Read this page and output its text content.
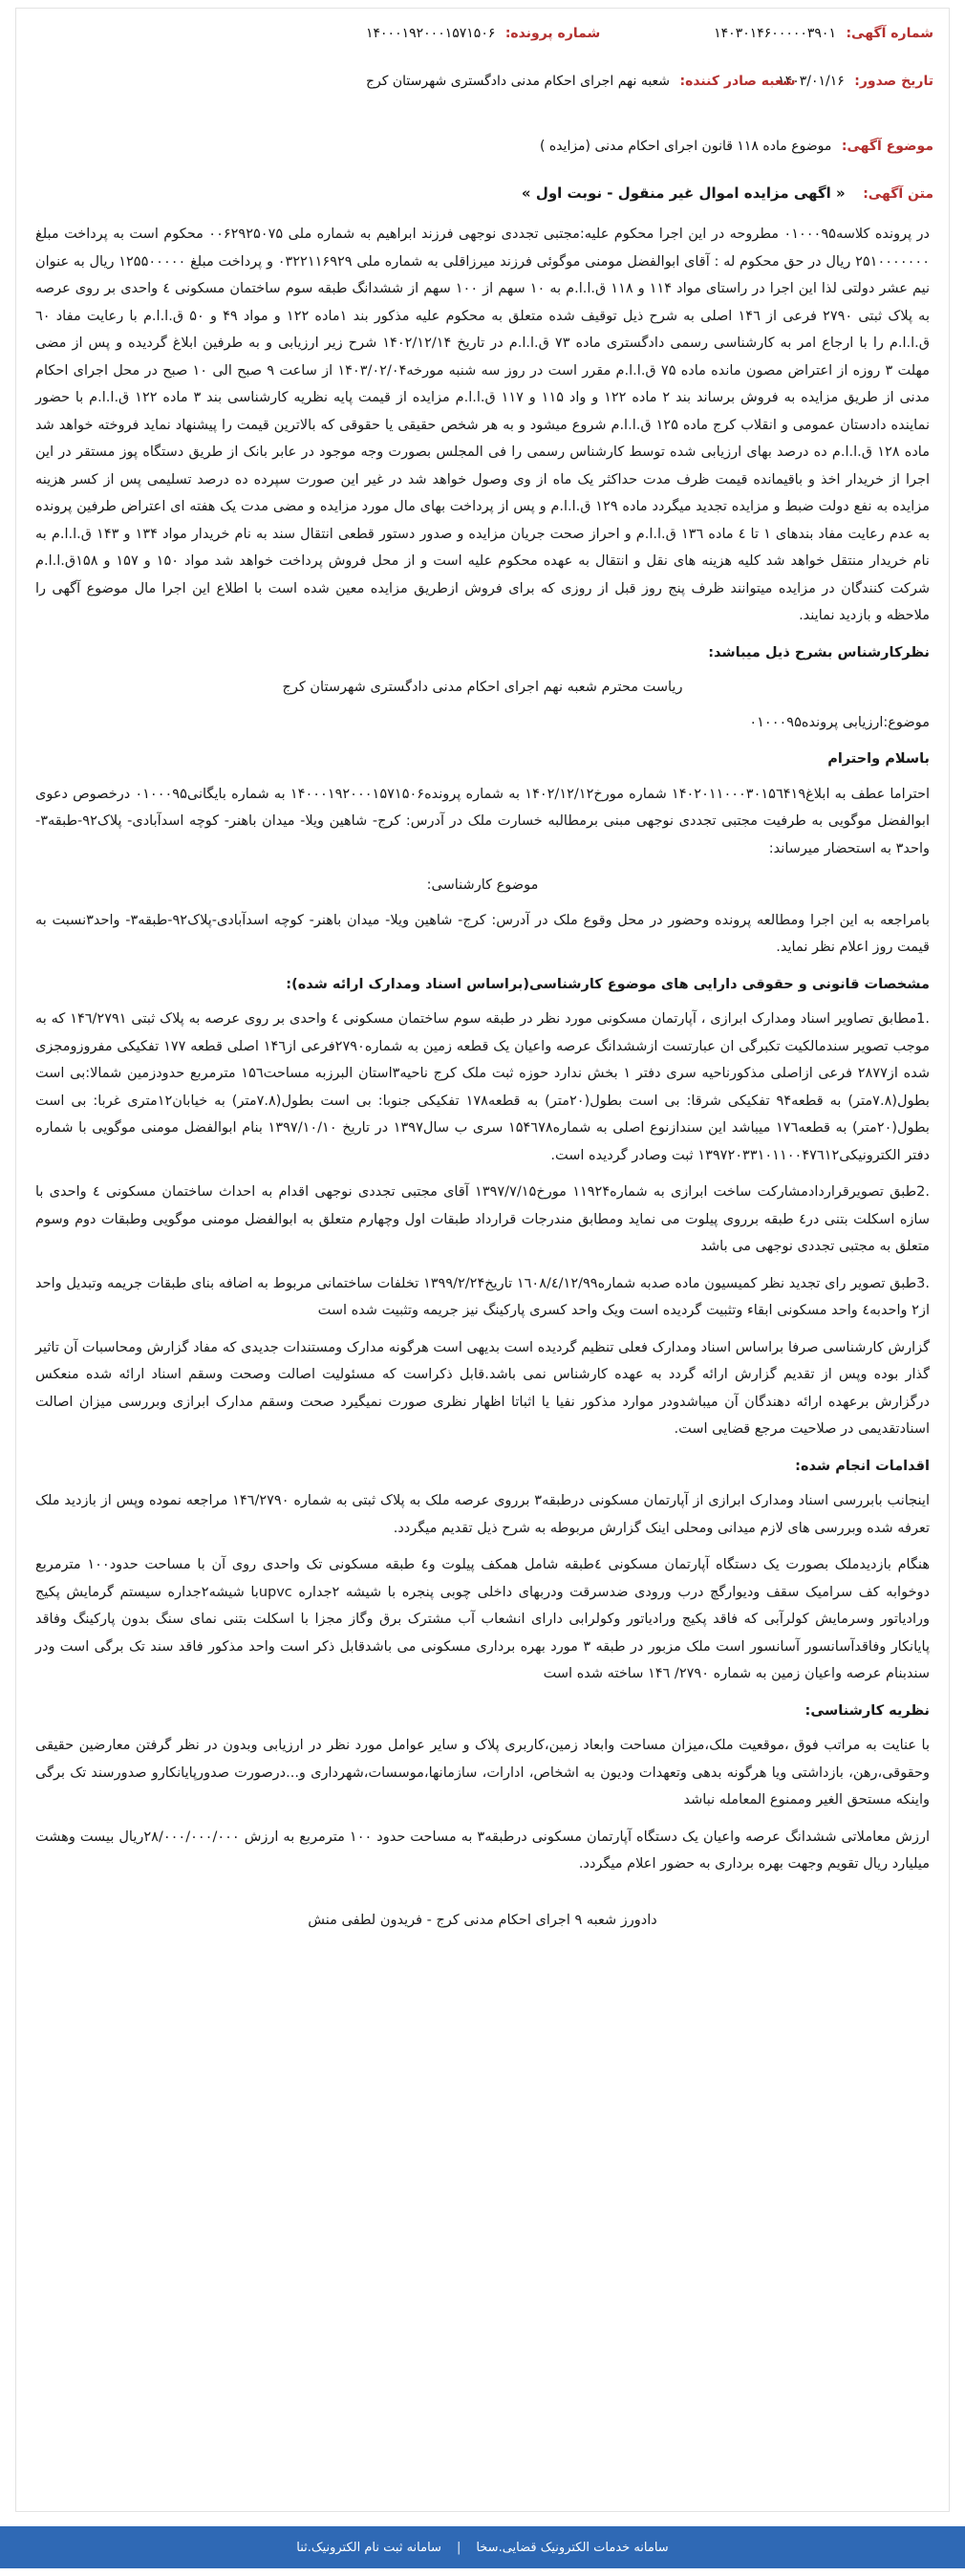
شماره آگهی: ۱۴۰۳۰۱۴۶۰۰۰۰۰۳۹۰۱
شماره پرونده: ۱۴۰۰۰۱۹۲۰۰۰۱۵۷۱۵۰۶
تاریخ صدور: ۱۴۰۳/۰۱/۱۶
شعبه صادر کننده: شعبه نهم اجرای احکام مدنی دادگستری شهرستان کرج
موضوع آگهی: موضوع ماده ۱۱۸ قانون اجرای احکام مدنی (مزایده )
متن آگهی: « اگهی مزایده اموال غیر منقول - نوبت اول »

در پرونده کلاسه۰۱۰۰۰۹۵ مطروحه در این اجرا محکوم علیه:مجتبی تجددی نوجهی فرزند ابراهیم به شماره ملی ۰۰۶۲۹۲۵۰۷۵ محکوم است به پرداخت مبلغ ۲۵۱۰۰۰۰۰۰۰ ریال در حق محکوم له : آقای ابوالفضل مومنی موگوئی فرزند میرزاقلی به شماره ملی ۰۳۲۲۱۱۶۹۲۹ و پرداخت مبلغ ۱۲۵۵۰۰۰۰۰ ریال به عنوان نیم عشر دولتی لذا این اجرا در راستای مواد ۱۱۴ و ۱۱۸ ق.ا.ا.م به ۱۰ سهم از ۱۰۰ سهم از ششدانگ طبقه سوم ساختمان مسکونی ٤ واحدی بر روی عرصه به پلاک ثبتی ۲۷۹۰ فرعی از ۱۴٦ اصلی به شرح ذیل توقیف شده متعلق به محکوم علیه مذکور بند ۱ماده ۱۲۲ و مواد ۴۹ و ۵۰ ق.ا.ا.م با رعایت مفاد ٦۰ ق.ا.ا.م را با ارجاع امر به کارشناسی رسمی دادگستری ماده ۷۳ ق.ا.ا.م در تاریخ ۱۴۰۲/۱۲/۱۴ شرح زیر ارزیابی و به طرفین ابلاغ گردیده و پس از مضی مهلت ۳ روزه از اعتراض مصون مانده ماده ۷۵ ق.ا.ا.م مقرر است در روز سه شنبه مورخه۱۴۰۳/۰۲/۰۴ از ساعت ۹ صبح الی ۱۰ صبح در محل اجرای احکام مدنی از طریق مزایده به فروش برساند بند ۲ ماده ۱۲۲ و واد ۱۱۵ و ۱۱۷ ق.ا.ا.م مزایده از قیمت پایه نظریه کارشناسی بند ۳ ماده ۱۲۲ ق.ا.ا.م با حضور نماینده دادستان عمومی و انقلاب کرج ماده ۱۲۵ ق.ا.ا.م شروع میشود و به هر شخص حقیقی یا حقوقی که بالاترین قیمت را پیشنهاد نماید فروخته خواهد شد ماده ۱۲۸ ق.ا.ا.م ده درصد بهای ارزیابی شده توسط کارشناس رسمی را فی المجلس بصورت وجه موجود در عابر بانک از طریق دستگاه پوز مستقر در این اجرا از خریدار اخذ و باقیمانده قیمت ظرف مدت حداکثر یک ماه از وی وصول خواهد شد در غیر این صورت سپرده ده درصد تسلیمی پس از کسر هزینه مزایده به نفع دولت ضبط و مزایده تجدید میگردد ماده ۱۲۹ ق.ا.ا.م و پس از پرداخت بهای مال مورد مزایده و مضی مدت یک هفته ای اعتراض طرفین پرونده به عدم رعایت مفاد بندهای ۱ تا ٤ ماده ۱۳٦ ق.ا.ا.م و احراز صحت جریان مزایده و صدور دستور قطعی انتقال سند به نام خریدار مواد ۱۳۴ و ۱۴۳ ق.ا.ا.م به نام خریدار منتقل خواهد شد کلیه هزینه های نقل و انتقال به عهده محکوم علیه است و از محل فروش پرداخت خواهد شد مواد ۱۵۰ و ۱۵۷ و ۱۵۸ق.ا.ا.م شرکت کنندگان در مزایده میتوانند ظرف پنج روز قبل از روزی که برای فروش ازطریق مزایده معین شده است با اطلاع این اجرا مال موضوع آگهی را ملاحظه و بازدید نمایند.

نظرکارشناس بشرح ذیل میباشد:

ریاست محترم شعبه نهم اجرای احکام مدنی دادگستری شهرستان کرج

موضوع:ارزیابی پرونده۰۱۰۰۰۹۵

باسلام واحترام

احتراما عطف به ابلاغ۱۴۰۲۰۱۱۰۰۰۳۰۱۵٦۴۱۹ شماره مورخ۱۴۰۲/۱۲/۱۲ به شماره پرونده۱۴۰۰۰۱۹۲۰۰۰۱۵۷۱۵۰۶ به شماره بایگانی۰۱۰۰۰۹۵ درخصوص دعوی ابوالفضل موگویی به طرفیت مجتبی تجددی نوجهی مبنی برمطالبه خسارت ملک در آدرس: کرج- شاهین ویلا- میدان باهنر- کوچه اسدآبادی- پلاک۹۲-طبقه۳- واحد۳ به استحضار میرساند:

موضوع کارشناسی:

بامراجعه به این اجرا ومطالعه پرونده وحضور در محل وقوع ملک در آدرس: کرج- شاهین ویلا- میدان باهنر- کوچه اسدآبادی-پلاک۹۲-طبقه۳- واحد۳نسبت به قیمت روز اعلام نظر نماید.

مشخصات قانونی و حقوقی دارایی های موضوع کارشناسی(براساس اسناد ومدارک ارائه شده):

.1مطابق تصاویر اسناد ومدارک ابرازی ، آپارتمان مسکونی مورد نظر در طبقه سوم ساختمان مسکونی ٤ واحدی بر روی عرصه به پلاک ثبتی ۱۴٦/۲۷۹۱ که به موجب تصویر سندمالکیت تکبرگی ان عبارتست ازششدانگ عرصه واعیان یک قطعه زمین به شماره۲۷۹۰فرعی از۱۴٦ اصلی قطعه ۱۷۷ تفکیکی مفروزومجزی شده از۲۸۷۷ فرعی ازاصلی مذکورناحیه سری دفتر ۱ بخش ندارد حوزه ثبت ملک کرج ناحیه۳استان البرزبه مساحت۱۵٦ مترمربع حدودزمین شمالا:بی است بطول(۷.۸متر) به قطعه۹۴ تفکیکی شرقا: بی است بطول(۲۰متر) به قطعه۱۷۸ تفکیکی جنوبا: بی است بطول(۷.۸متر) به خیابان۱۲متری غربا: بی است بطول(۲۰متر) به قطعه۱۷٦ میباشد این سندازنوع اصلی به شماره۱۵۴٦۷۸ سری ب سال۱۳۹۷ در تاریخ ۱۳۹۷/۱۰/۱۰ بنام ابوالفضل مومنی موگویی با شماره دفتر الکترونیکی۱۳۹۷۲۰۳۳۱۰۱۱۰۰۴۷٦۱۲ ثبت وصادر گردیده است.

.2طبق تصویرقراردادمشارکت ساخت ابرازی به شماره۱۱۹۲۴ مورخ۱۳۹۷/۷/۱۵ آقای مجتبی تجددی نوجهی اقدام به احداث ساختمان مسکونی ٤ واحدی با سازه اسکلت بتنی در٤ طبقه برروی پیلوت می نماید ومطابق مندرجات قرارداد طبقات اول وچهارم متعلق به ابوالفضل مومنی موگویی وطبقات دوم وسوم متعلق به مجتبی تجددی نوجهی می باشد

.3طبق تصویر رای تجدید نظر کمیسیون ماده صدبه شماره۱٦۰۸/٤/۱۲/۹۹ تاریخ۱۳۹۹/۲/۲۴ تخلفات ساختمانی مربوط به اضافه بنای طبقات جریمه وتبدیل واحد از۲ واحدبه٤ واحد مسکونی ابقاء وتثبیت گردیده است ویک واحد کسری پارکینگ نیز جریمه وتثبیت شده است

گزارش کارشناسی صرفا براساس اسناد ومدارک فعلی تنظیم گردیده است بدیهی است هرگونه مدارک ومستندات جدیدی که مفاد گزارش ومحاسبات آن تاثیر گذار بوده وپس از تقدیم گزارش ارائه گردد به عهده کارشناس نمی باشد.قابل ذکراست که مسئولیت اصالت وصحت وسقم اسناد ارائه شده منعکس درگزارش برعهده ارائه دهندگان آن میباشدودر موارد مذکور نفیا یا اثباتا اظهار نظری صورت نمیگیرد صحت وسقم مدارک ابرازی وبررسی میزان اصالت اسنادتقدیمی در صلاحیت مرجع قضایی است.

اقدامات انجام شده:

اینجانب بابررسی اسناد ومدارک ابرازی از آپارتمان مسکونی درطبقه۳ برروی عرصه ملک به پلاک ثبتی به شماره ۱۴٦/۲۷۹۰ مراجعه نموده وپس از بازدید ملک تعرفه شده وبررسی های لازم میدانی ومحلی اینک گزارش مربوطه به شرح ذیل تقدیم میگردد.

هنگام بازدیدملک بصورت یک دستگاه آپارتمان مسکونی ٤طبقه شامل همکف پیلوت و٤ طبقه مسکونی تک واحدی روی آن با مساحت حدود۱۰۰ مترمربع دوخوابه کف سرامیک سقف ودیوارگچ درب ورودی ضدسرقت ودربهای داخلی چوبی پنجره با شیشه ۲جداره upvcبا شیشه۲جداره سیستم گرمایش پکیج ورادیاتور وسرمایش کولرآبی که فاقد پکیج ورادیاتور وکولرابی دارای انشعاب آب مشترک برق وگاز مجزا با اسکلت بتنی نمای سنگ بدون پارکینگ وفاقد پایانکار وفاقدآسانسور آسانسور است ملک مزبور در طبقه ۳ مورد بهره برداری مسکونی می باشدقابل ذکر است واحد مذکور فاقد سند تک برگی است ودر سندبنام عرصه واعیان زمین به شماره ۲۷۹۰/ ۱۴٦ ساخته شده است

نظریه کارشناسی:

با عنایت به مراتب فوق ،موقعیت ملک،میزان مساحت وابعاد زمین،کاربری پلاک و سایر عوامل مورد نظر در ارزیابی وبدون در نظر گرفتن معارضین حقیقی وحقوقی،رهن، بازداشتی ویا هرگونه بدهی وتعهدات ودیون به اشخاص، ادارات، سازمانها،موسسات،شهرداری و...درصورت صدورپایانکارو صدورسند تک برگی واینکه مستحق الغیر وممنوع المعامله نباشد

ارزش معاملاتی ششدانگ عرصه واعیان یک دستگاه آپارتمان مسکونی درطبقه۳ به مساحت حدود ۱۰۰ مترمربع به ارزش ۲۸/۰۰۰/۰۰۰/۰۰۰ریال بیست وهشت میلیارد ریال تقویم وجهت بهره برداری به حضور اعلام میگردد.

دادورز شعبه ۹ اجرای احکام مدنی کرج - فریدون لطفی منش

سامانه خدمات الکترونیک قضایی.سخا
|
سامانه ثبت نام الکترونیک.ثنا
